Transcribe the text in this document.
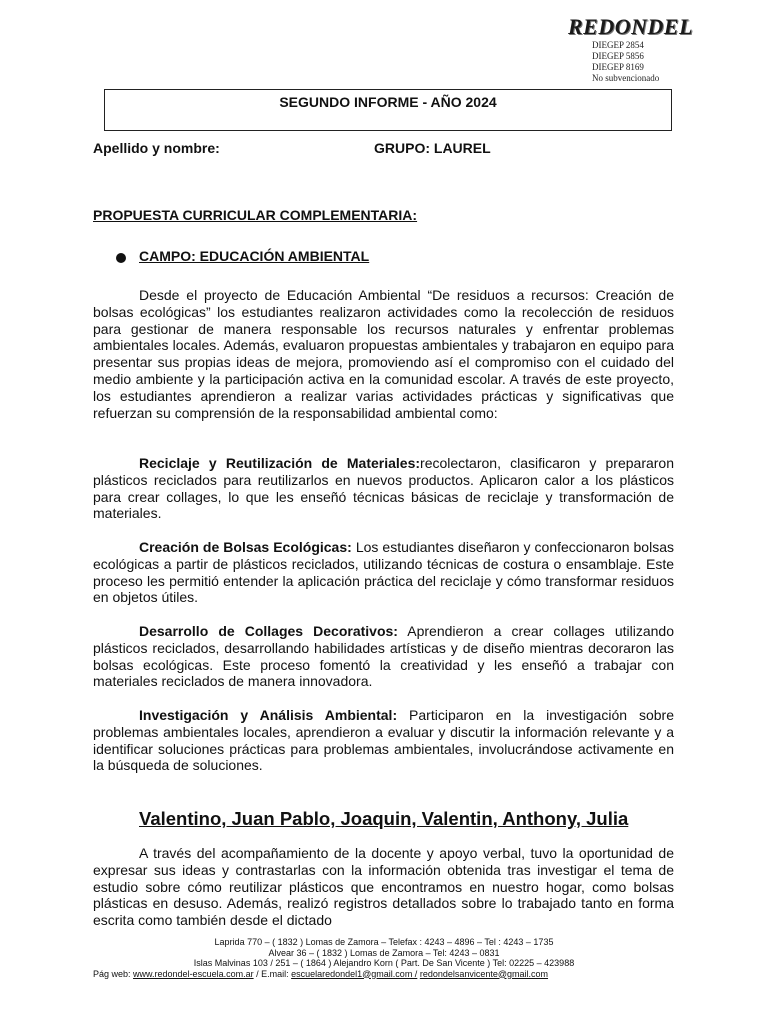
REDONDEL
DIEGEP 2854
DIEGEP 5856
DIEGEP 8169
No subvencionado
SEGUNDO INFORME - AÑO 2024
Apellido y nombre:	GRUPO: LAUREL
PROPUESTA CURRICULAR COMPLEMENTARIA:
CAMPO: EDUCACIÓN AMBIENTAL
Desde el proyecto de Educación Ambiental “De residuos a recursos: Creación de bolsas ecológicas” los estudiantes realizaron actividades como la recolección de residuos para gestionar de manera responsable los recursos naturales y enfrentar problemas ambientales locales. Además, evaluaron propuestas ambientales y trabajaron en equipo para presentar sus propias ideas de mejora, promoviendo así el compromiso con el cuidado del medio ambiente y la participación activa en la comunidad escolar. A través de este proyecto, los estudiantes aprendieron a realizar varias actividades prácticas y significativas que refuerzan su comprensión de la responsabilidad ambiental como:
Reciclaje y Reutilización de Materiales:recolectaron, clasificaron y prepararon plásticos reciclados para reutilizarlos en nuevos productos. Aplicaron calor a los plásticos para crear collages, lo que les enseñó técnicas básicas de reciclaje y transformación de materiales.
Creación de Bolsas Ecológicas: Los estudiantes diseñaron y confeccionaron bolsas ecológicas a partir de plásticos reciclados, utilizando técnicas de costura o ensamblaje. Este proceso les permitió entender la aplicación práctica del reciclaje y cómo transformar residuos en objetos útiles.
Desarrollo de Collages Decorativos: Aprendieron a crear collages utilizando plásticos reciclados, desarrollando habilidades artísticas y de diseño mientras decoraron las bolsas ecológicas. Este proceso fomentó la creatividad y les enseñó a trabajar con materiales reciclados de manera innovadora.
Investigación y Análisis Ambiental: Participaron en la investigación sobre problemas ambientales locales, aprendieron a evaluar y discutir la información relevante y a identificar soluciones prácticas para problemas ambientales, involucrándose activamente en la búsqueda de soluciones.
Valentino, Juan Pablo, Joaquin, Valentin, Anthony, Julia
A través del acompañamiento de la docente y apoyo verbal, tuvo la oportunidad de expresar sus ideas y contrastarlas con la información obtenida tras investigar el tema de estudio sobre cómo reutilizar plásticos que encontramos en nuestro hogar, como bolsas plásticas en desuso. Además, realizó registros detallados sobre lo trabajado tanto en forma escrita como también desde el dictado
Laprida 770 – ( 1832 ) Lomas de Zamora – Telefax : 4243 – 4896 – Tel : 4243 – 1735
Alvear 36 – ( 1832 ) Lomas de Zamora – Tel: 4243 – 0831
Islas Malvinas 103 / 251 – ( 1864 ) Alejandro Korn ( Part. De San Vicente ) Tel: 02225 – 423988
Pág web: www.redondel-escuela.com.ar / E.mail: escuelaredondel1@gmail.com / redondelsanvicente@gmail.com
